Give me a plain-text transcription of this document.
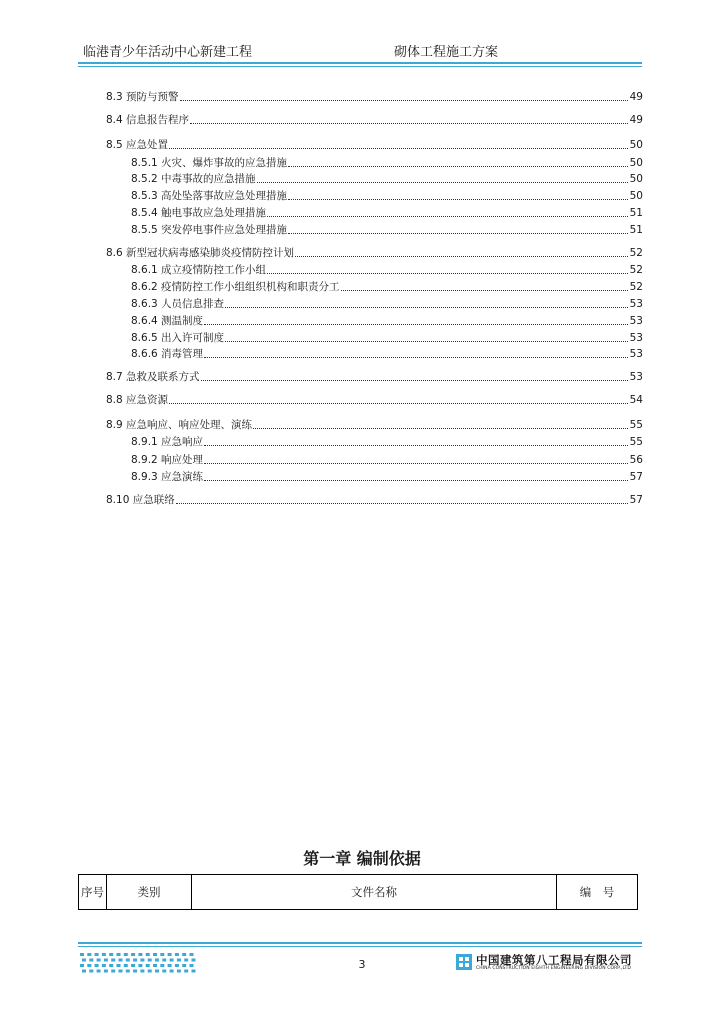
临港青少年活动中心新建工程	砌体工程施工方案
8.3 预防与预警	49
8.4 信息报告程序	49
8.5 应急处置	50
8.5.1 火灾、爆炸事故的应急措施	50
8.5.2 中毒事故的应急措施	50
8.5.3 高处坠落事故应急处理措施	50
8.5.4 触电事故应急处理措施	51
8.5.5 突发停电事件应急处理措施	51
8.6 新型冠状病毒感染肺炎疫情防控计划	52
8.6.1 成立疫情防控工作小组	52
8.6.2 疫情防控工作小组组织机构和职责分工	52
8.6.3 人员信息排查	53
8.6.4 测温制度	53
8.6.5 出入许可制度	53
8.6.6 消毒管理	53
8.7 急救及联系方式	53
8.8 应急资源	54
8.9 应急响应、响应处理、演练	55
8.9.1 应急响应	55
8.9.2 响应处理	56
8.9.3 应急演练	57
8.10 应急联络	57
第一章 编制依据
序号	类别	文件名称	编　号
3	中国建筑第八工程局有限公司
CHINA CONSTRUCTION EIGHTH ENGINEERING DIVISION CORP.,LTD
